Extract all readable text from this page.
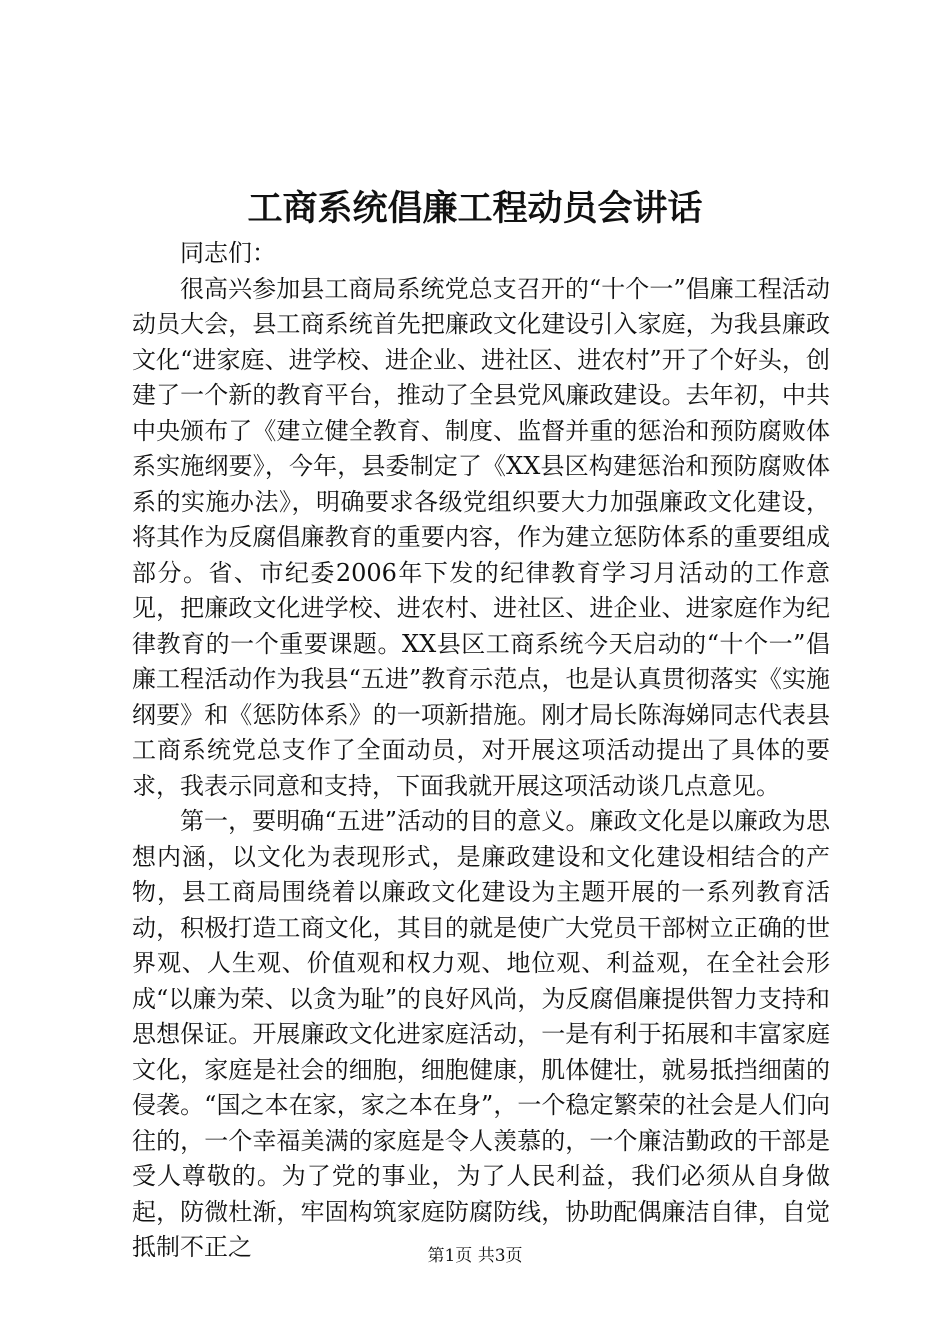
工商系统倡廉工程动员会讲话

同志们：

很高兴参加县工商局系统党总支召开的“十个一”倡廉工程活动动员大会，县工商系统首先把廉政文化建设引入家庭，为我县廉政文化“进家庭、进学校、进企业、进社区、进农村”开了个好头，创建了一个新的教育平台，推动了全县党风廉政建设。去年初，中共中央颁布了《建立健全教育、制度、监督并重的惩治和预防腐败体系实施纲要》，今年，县委制定了《XX县区构建惩治和预防腐败体系的实施办法》，明确要求各级党组织要大力加强廉政文化建设，将其作为反腐倡廉教育的重要内容，作为建立惩防体系的重要组成部分。省、市纪委2006年下发的纪律教育学习月活动的工作意见，把廉政文化进学校、进农村、进社区、进企业、进家庭作为纪律教育的一个重要课题。XX县区工商系统今天启动的“十个一”倡廉工程活动作为我县“五进”教育示范点，也是认真贯彻落实《实施纲要》和《惩防体系》的一项新措施。刚才局长陈海娣同志代表县工商系统党总支作了全面动员，对开展这项活动提出了具体的要求，我表示同意和支持，下面我就开展这项活动谈几点意见。

第一，要明确“五进”活动的目的意义。廉政文化是以廉政为思想内涵，以文化为表现形式，是廉政建设和文化建设相结合的产物，县工商局围绕着以廉政文化建设为主题开展的一系列教育活动，积极打造工商文化，其目的就是使广大党员干部树立正确的世界观、人生观、价值观和权力观、地位观、利益观，在全社会形成“以廉为荣、以贪为耻”的良好风尚，为反腐倡廉提供智力支持和思想保证。开展廉政文化进家庭活动，一是有利于拓展和丰富家庭文化，家庭是社会的细胞，细胞健康，肌体健壮，就易抵挡细菌的侵袭。“国之本在家，家之本在身”，一个稳定繁荣的社会是人们向往的，一个幸福美满的家庭是令人羡慕的，一个廉洁勤政的干部是受人尊敬的。为了党的事业，为了人民利益，我们必须从自身做起，防微杜渐，牢固构筑家庭防腐防线，协助配偶廉洁自律，自觉抵制不正之	第1页 共3页
